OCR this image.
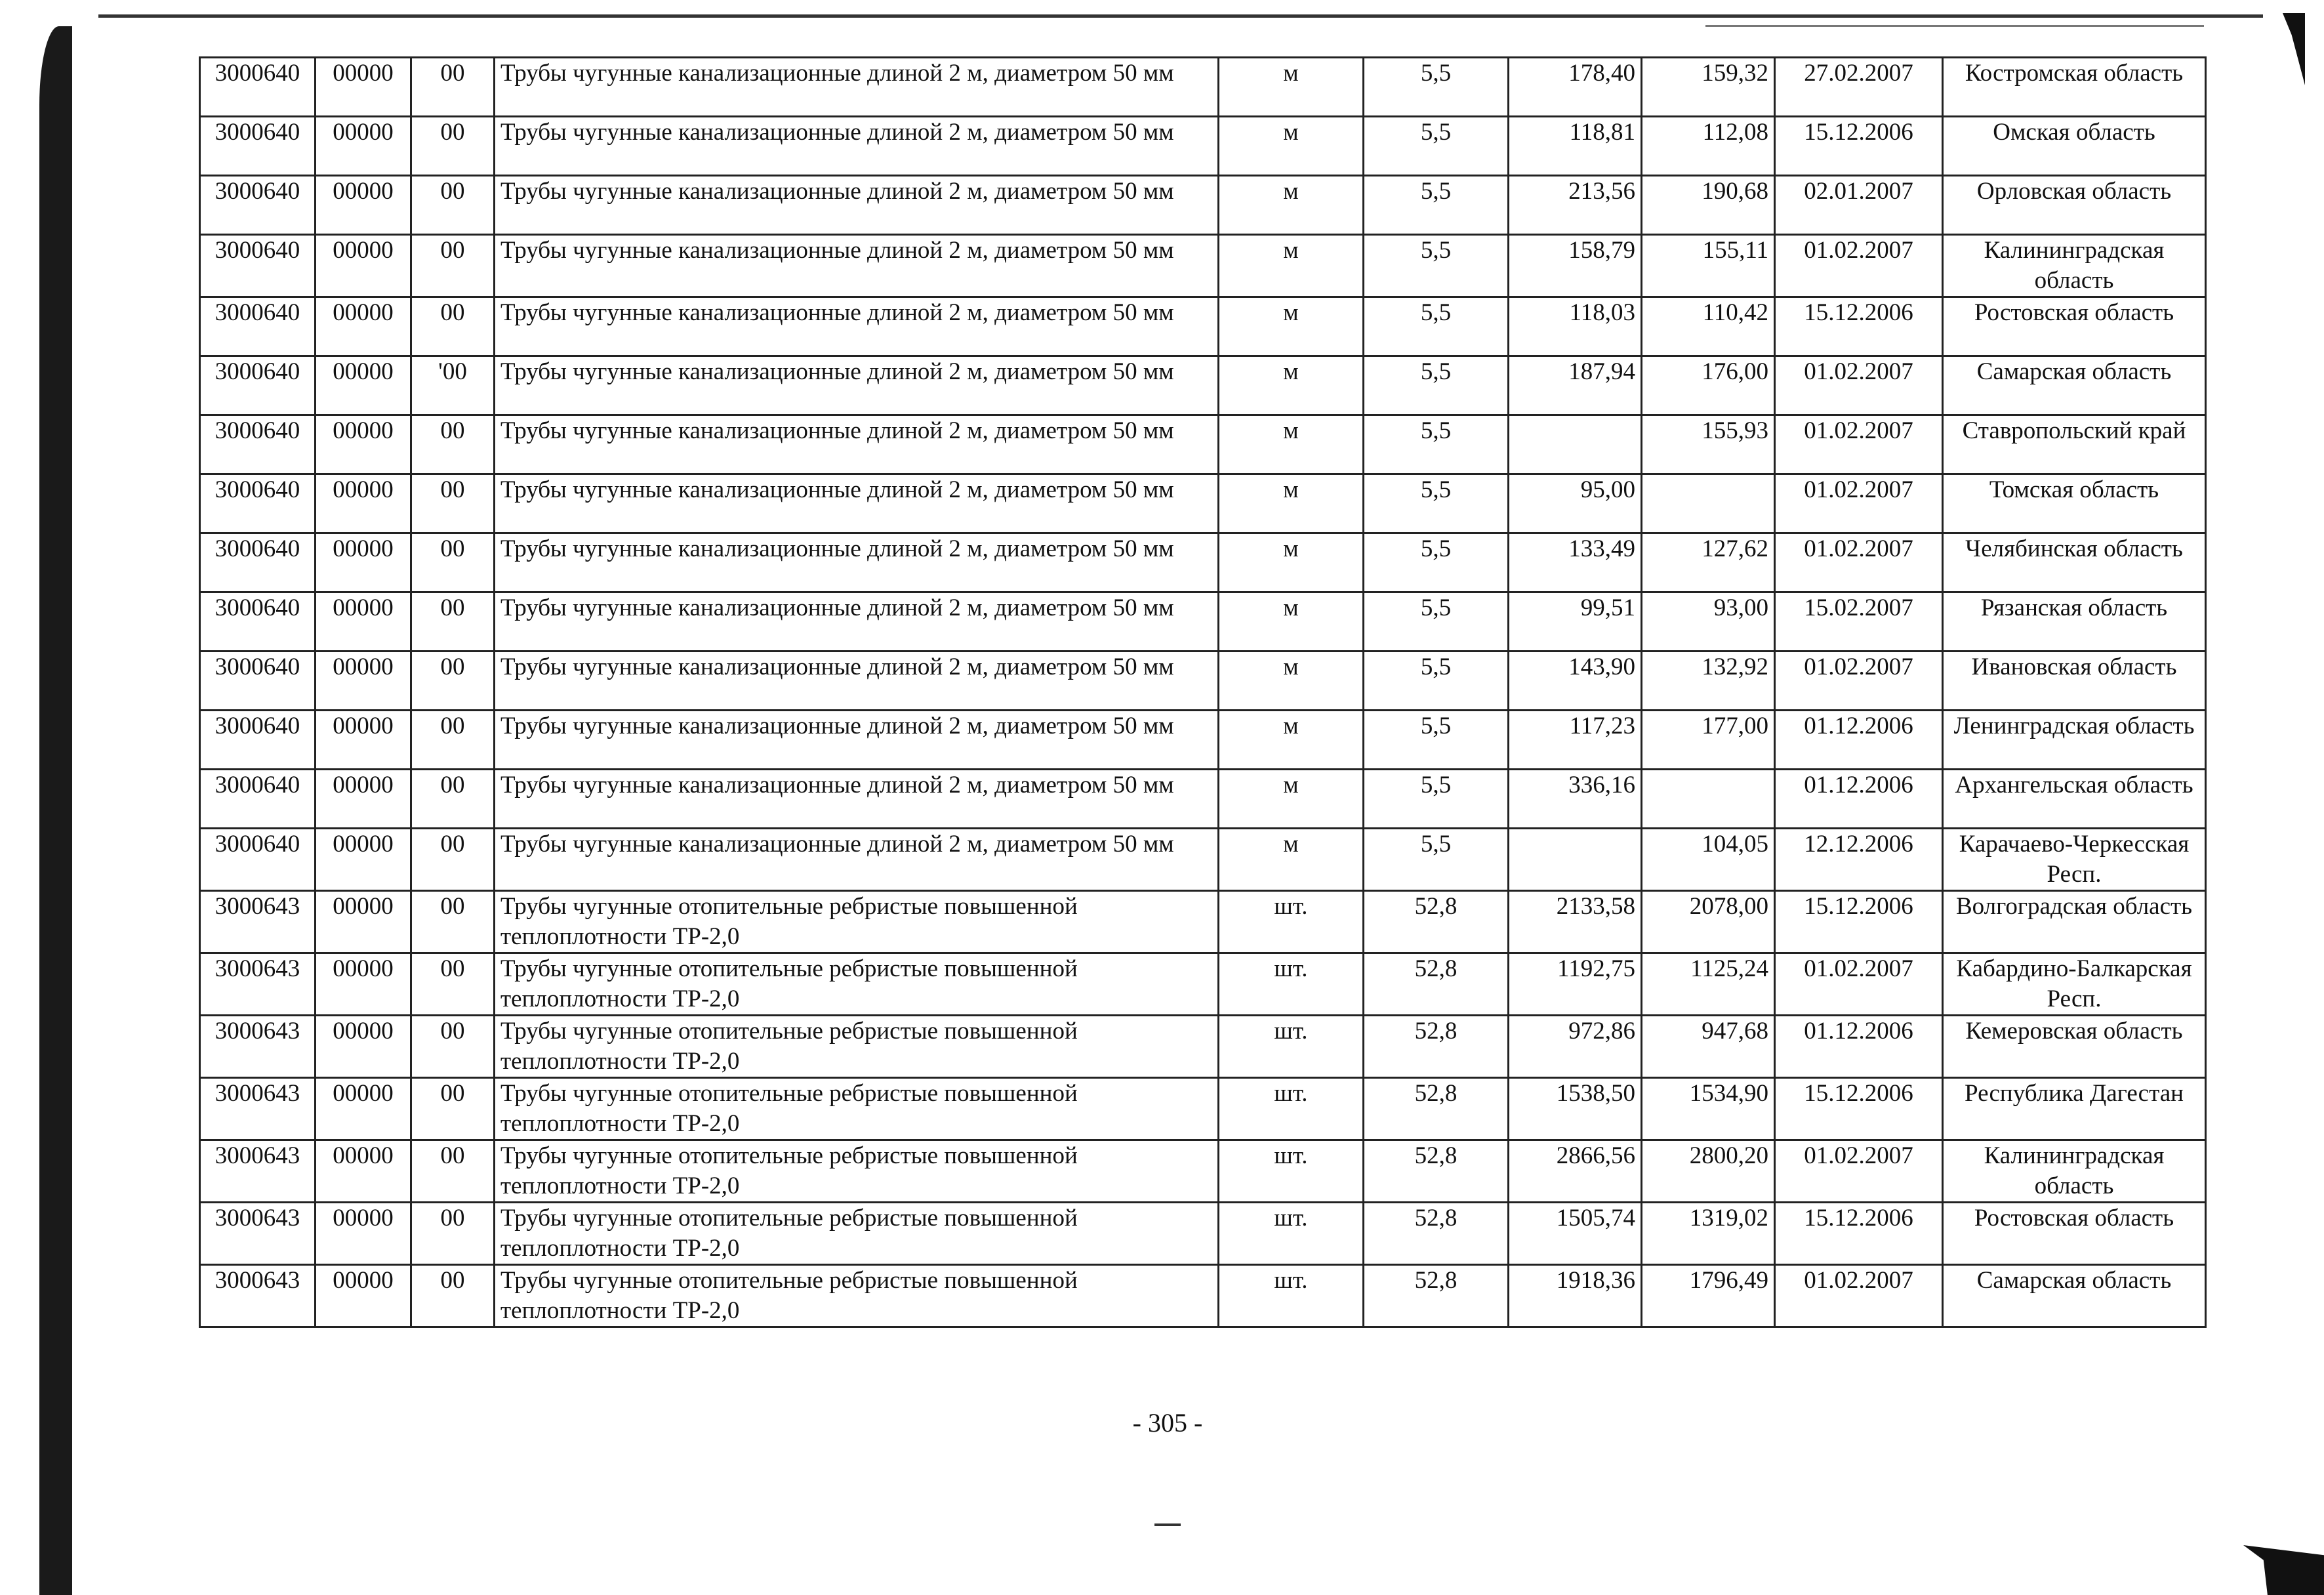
3000640	00000	00	Трубы чугунные канализационные длиной 2 м, диаметром 50 мм	м	5,5	178,40	159,32	27.02.2007	Костромская область
3000640	00000	00	Трубы чугунные канализационные длиной 2 м, диаметром 50 мм	м	5,5	118,81	112,08	15.12.2006	Омская область
3000640	00000	00	Трубы чугунные канализационные длиной 2 м, диаметром 50 мм	м	5,5	213,56	190,68	02.01.2007	Орловская область
3000640	00000	00	Трубы чугунные канализационные длиной 2 м, диаметром 50 мм	м	5,5	158,79	155,11	01.02.2007	Калининградская область
3000640	00000	00	Трубы чугунные канализационные длиной 2 м, диаметром 50 мм	м	5,5	118,03	110,42	15.12.2006	Ростовская область
3000640	00000	'00	Трубы чугунные канализационные длиной 2 м, диаметром 50 мм	м	5,5	187,94	176,00	01.02.2007	Самарская область
3000640	00000	00	Трубы чугунные канализационные длиной 2 м, диаметром 50 мм	м	5,5		155,93	01.02.2007	Ставропольский край
3000640	00000	00	Трубы чугунные канализационные длиной 2 м, диаметром 50 мм	м	5,5	95,00		01.02.2007	Томская область
3000640	00000	00	Трубы чугунные канализационные длиной 2 м, диаметром 50 мм	м	5,5	133,49	127,62	01.02.2007	Челябинская область
3000640	00000	00	Трубы чугунные канализационные длиной 2 м, диаметром 50 мм	м	5,5	99,51	93,00	15.02.2007	Рязанская область
3000640	00000	00	Трубы чугунные канализационные длиной 2 м, диаметром 50 мм	м	5,5	143,90	132,92	01.02.2007	Ивановская область
3000640	00000	00	Трубы чугунные канализационные длиной 2 м, диаметром 50 мм	м	5,5	117,23	177,00	01.12.2006	Ленинградская область
3000640	00000	00	Трубы чугунные канализационные длиной 2 м, диаметром 50 мм	м	5,5	336,16		01.12.2006	Архангельская область
3000640	00000	00	Трубы чугунные канализационные длиной 2 м, диаметром 50 мм	м	5,5		104,05	12.12.2006	Карачаево-Черкесская Респ.
3000643	00000	00	Трубы чугунные отопительные ребристые повышенной теплоплотности ТР-2,0	шт.	52,8	2133,58	2078,00	15.12.2006	Волгоградская область
3000643	00000	00	Трубы чугунные отопительные ребристые повышенной теплоплотности ТР-2,0	шт.	52,8	1192,75	1125,24	01.02.2007	Кабардино-Балкарская Респ.
3000643	00000	00	Трубы чугунные отопительные ребристые повышенной теплоплотности ТР-2,0	шт.	52,8	972,86	947,68	01.12.2006	Кемеровская область
3000643	00000	00	Трубы чугунные отопительные ребристые повышенной теплоплотности ТР-2,0	шт.	52,8	1538,50	1534,90	15.12.2006	Республика Дагестан
3000643	00000	00	Трубы чугунные отопительные ребристые повышенной теплоплотности ТР-2,0	шт.	52,8	2866,56	2800,20	01.02.2007	Калининградская область
3000643	00000	00	Трубы чугунные отопительные ребристые повышенной теплоплотности ТР-2,0	шт.	52,8	1505,74	1319,02	15.12.2006	Ростовская область
3000643	00000	00	Трубы чугунные отопительные ребристые повышенной теплоплотности ТР-2,0	шт.	52,8	1918,36	1796,49	01.02.2007	Самарская область
- 305 -
